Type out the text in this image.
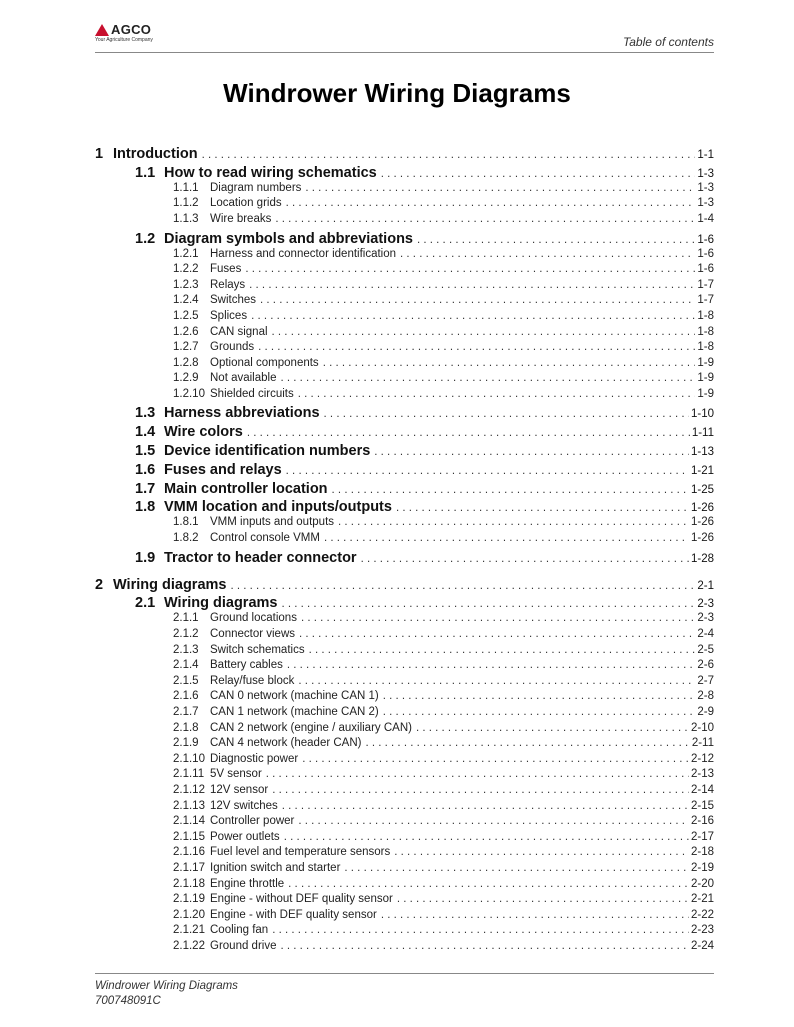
AGCO
Your Agriculture Company	Table of contents
Windrower Wiring Diagrams
1 Introduction . . .	1-1
1.1 How to read wiring schematics . . .	1-3
1.1.1 Diagram numbers . . .	1-3
1.1.2 Location grids . . .	1-3
1.1.3 Wire breaks . . .	1-4
1.2 Diagram symbols and abbreviations . . .	1-6
1.2.1 Harness and connector identification . . .	1-6
1.2.2 Fuses . . .	1-6
1.2.3 Relays . . .	1-7
1.2.4 Switches . . .	1-7
1.2.5 Splices . . .	1-8
1.2.6 CAN signal . . .	1-8
1.2.7 Grounds . . .	1-8
1.2.8 Optional components . . .	1-9
1.2.9 Not available . . .	1-9
1.2.10 Shielded circuits . . .	1-9
1.3 Harness abbreviations . . .	1-10
1.4 Wire colors . . .	1-11
1.5 Device identification numbers . . .	1-13
1.6 Fuses and relays . . .	1-21
1.7 Main controller location . . .	1-25
1.8 VMM location and inputs/outputs . . .	1-26
1.8.1 VMM inputs and outputs . . .	1-26
1.8.2 Control console VMM . . .	1-26
1.9 Tractor to header connector . . .	1-28
2 Wiring diagrams . . .	2-1
2.1 Wiring diagrams . . .	2-3
2.1.1 Ground locations . . .	2-3
2.1.2 Connector views . . .	2-4
2.1.3 Switch schematics . . .	2-5
2.1.4 Battery cables . . .	2-6
2.1.5 Relay/fuse block . . .	2-7
2.1.6 CAN 0 network (machine CAN 1) . . .	2-8
2.1.7 CAN 1 network (machine CAN 2) . . .	2-9
2.1.8 CAN 2 network (engine / auxiliary CAN) . . .	2-10
2.1.9 CAN 4 network (header CAN) . . .	2-11
2.1.10 Diagnostic power . . .	2-12
2.1.11 5V sensor . . .	2-13
2.1.12 12V sensor . . .	2-14
2.1.13 12V switches . . .	2-15
2.1.14 Controller power . . .	2-16
2.1.15 Power outlets . . .	2-17
2.1.16 Fuel level and temperature sensors . . .	2-18
2.1.17 Ignition switch and starter . . .	2-19
2.1.18 Engine throttle . . .	2-20
2.1.19 Engine - without DEF quality sensor . . .	2-21
2.1.20 Engine - with DEF quality sensor . . .	2-22
2.1.21 Cooling fan . . .	2-23
2.1.22 Ground drive . . .	2-24
Windrower Wiring Diagrams
700748091C
